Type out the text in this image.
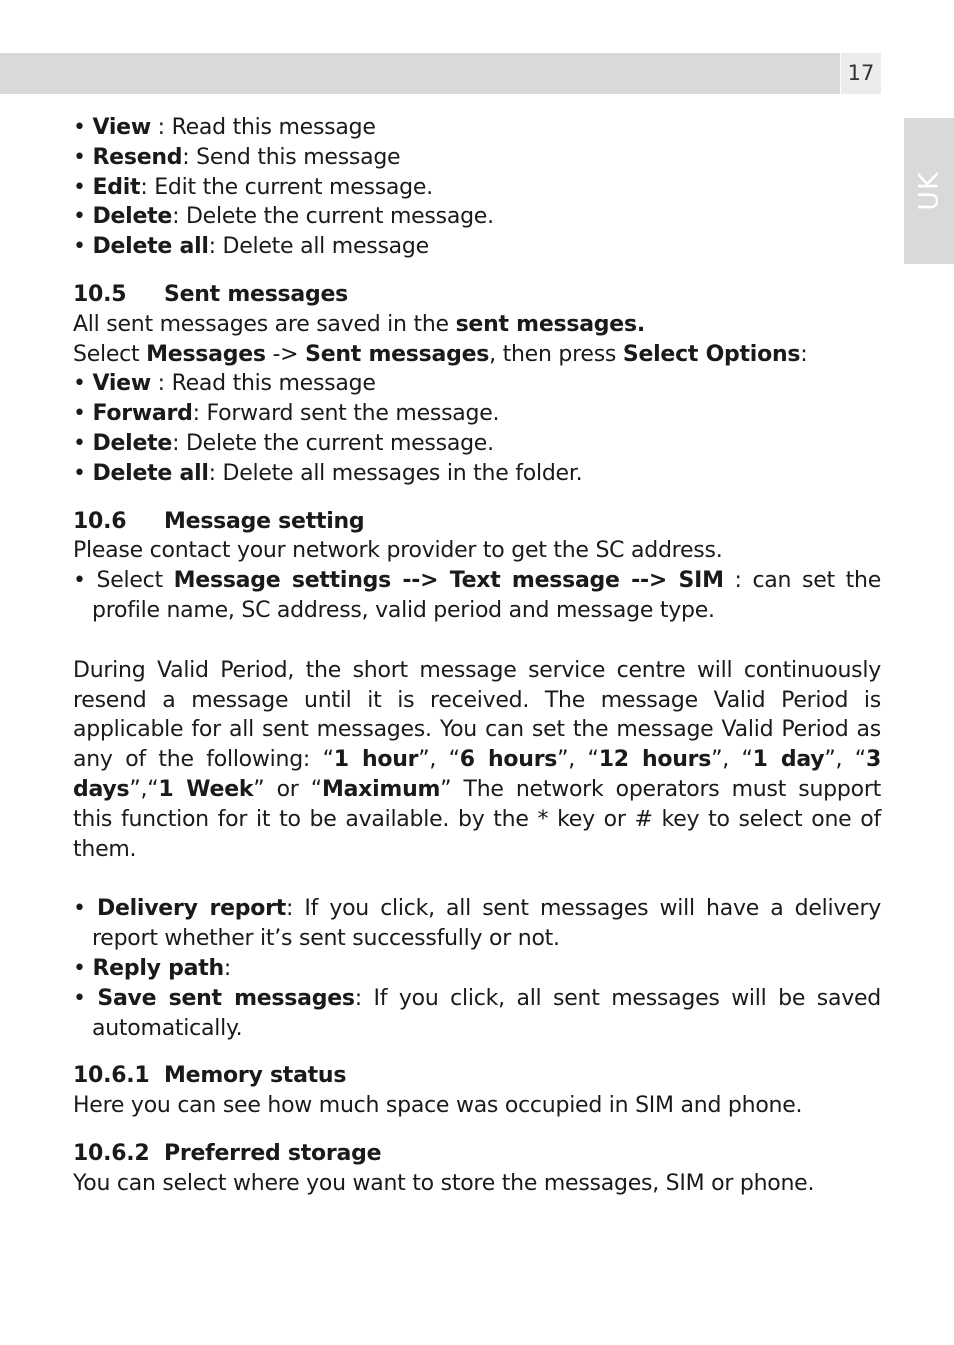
17
UK

• View : Read this message

• Resend: Send this message

• Edit: Edit the current message.

• Delete: Delete the current message.

• Delete all: Delete all message

10.5 Sent messages

All sent messages are saved in the sent messages.

Select Messages -> Sent messages, then press Select Options:

• View : Read this message

• Forward: Forward sent the message.

• Delete: Delete the current message.

• Delete all: Delete all messages in the folder.

10.6 Message setting

Please contact your network provider to get the SC address.

• Select Message settings --> Text message --> SIM : can set the profile name, SC address, valid period and message type.

During Valid Period, the short message service centre will continuously resend a message until it is received. The message Valid Period is applicable for all sent messages. You can set the message Valid Period as any of the following: “1 hour”, “6 hours”, “12 hours”, “1 day”, “3 days”,“1 Week” or “Maximum” The network operators must support this function for it to be available. by the * key or # key to select one of them.

• Delivery report: If you click, all sent messages will have a delivery report whether it’s sent successfully or not.

• Reply path:

• Save sent messages: If you click, all sent messages will be saved automatically.

10.6.1 Memory status

Here you can see how much space was occupied in SIM and phone.

10.6.2 Preferred storage

You can select where you want to store the messages, SIM or phone.
